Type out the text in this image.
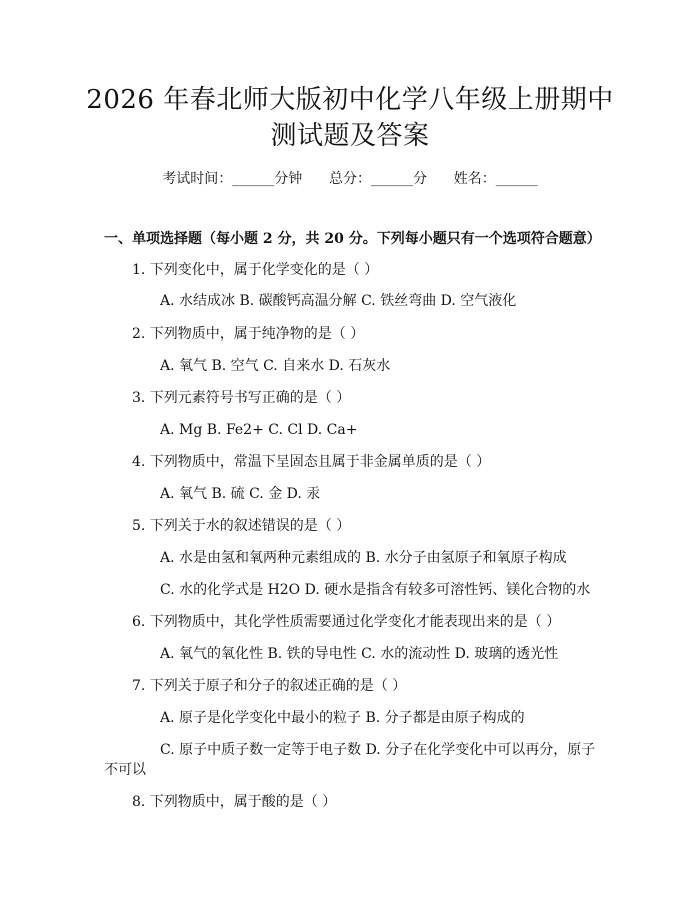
2026 年春北师大版初中化学八年级上册期中
测试题及答案
考试时间：______分钟      总分：______分      姓名：______
一、单项选择题（每小题 2 分，共 20 分。下列每小题只有一个选项符合题意）
1. 下列变化中，属于化学变化的是（ ）
A. 水结成冰 B. 碳酸钙高温分解 C. 铁丝弯曲 D. 空气液化
2. 下列物质中，属于纯净物的是（ ）
A. 氧气 B. 空气 C. 自来水 D. 石灰水
3. 下列元素符号书写正确的是（ ）
A. Mg B. Fe2+ C. Cl D. Ca+
4. 下列物质中，常温下呈固态且属于非金属单质的是（ ）
A. 氧气 B. 硫 C. 金 D. 汞
5. 下列关于水的叙述错误的是（ ）
A. 水是由氢和氧两种元素组成的 B. 水分子由氢原子和氧原子构成
C. 水的化学式是 H2O D. 硬水是指含有较多可溶性钙、镁化合物的水
6. 下列物质中，其化学性质需要通过化学变化才能表现出来的是（ ）
A. 氧气的氧化性 B. 铁的导电性 C. 水的流动性 D. 玻璃的透光性
7. 下列关于原子和分子的叙述正确的是（ ）
A. 原子是化学变化中最小的粒子 B. 分子都是由原子构成的
C. 原子中质子数一定等于电子数 D. 分子在化学变化中可以再分，原子
不可以
8. 下列物质中，属于酸的是（ ）
